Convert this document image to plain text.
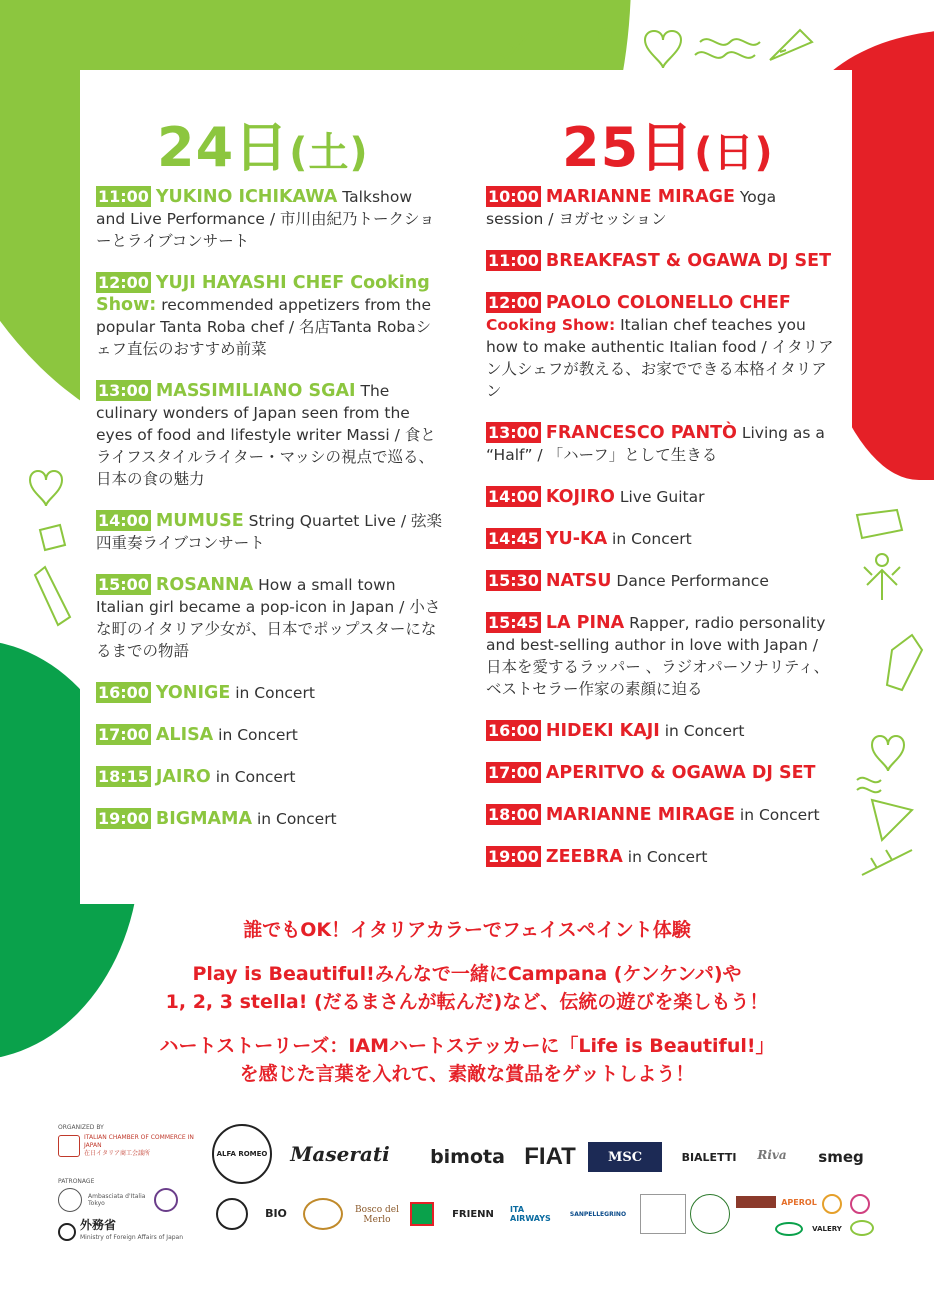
24日(土)	25日(日)
11:00 YUKINO ICHIKAWA Talkshow and Live Performance / 市川由紀乃トークショーとライブコンサート
12:00 YUJI HAYASHI CHEF Cooking Show: recommended appetizers from the popular Tanta Roba chef / 名店Tanta Robaシェフ直伝のおすすめ前菜
13:00 MASSIMILIANO SGAI The culinary wonders of Japan seen from the eyes of food and lifestyle writer Massi / 食とライフスタイルライター・マッシの視点で巡る、日本の食の魅力
14:00 MUMUSE String Quartet Live / 弦楽四重奏ライブコンサート
15:00 ROSANNA How a small town Italian girl became a pop-icon in Japan / 小さな町のイタリア少女が、日本でポップスターになるまでの物語
16:00 YONIGE in Concert
17:00 ALISA in Concert
18:15 JAIRO in Concert
19:00 BIGMAMA in Concert
10:00 MARIANNE MIRAGE Yoga session / ヨガセッション
11:00 BREAKFAST & OGAWA DJ SET
12:00 PAOLO COLONELLO CHEF
Cooking Show: Italian chef teaches you how to make authentic Italian food / イタリアン人シェフが教える、お家でできる本格イタリアン
13:00 FRANCESCO PANTÒ Living as a “Half” / 「ハーフ」として生きる
14:00 KOJIRO Live Guitar
14:45 YU-KA in Concert
15:30 NATSU Dance Performance
15:45 LA PINA Rapper, radio personality and best-selling author in love with Japan / 日本を愛するラッパー 、ラジオパーソナリティ、ベストセラー作家の素顔に迫る
16:00 HIDEKI KAJI in Concert
17:00 APERITVO & OGAWA DJ SET
18:00 MARIANNE MIRAGE in Concert
19:00 ZEEBRA in Concert
誰でもOK！イタリアカラーでフェイスペイント体験
Play is Beautiful!みんなで一緒にCampana (ケンケンパ)や
1, 2, 3 stella! (だるまさんが転んだ)など、伝統の遊びを楽しもう！
ハートストーリーズ：IAMハートステッカーに「Life is Beautiful!」
を感じた言葉を入れて、素敵な賞品をゲットしよう！
ORGANIZED BY
ITALIAN CHAMBER OF COMMERCE IN JAPAN
在日イタリア商工会議所
PATRONAGE
Ambasciata d'Italia Tokyo
外務省
Ministry of Foreign Affairs of Japan
ALFA ROMEO	Maserati	bimota FIAT	MSC	BIALETTI	Riva	smeg
BIO	Bosco del Merlo
FRIENN ITA AIRWAYS	SANPELLEGRINO
APEROL
VALERY
